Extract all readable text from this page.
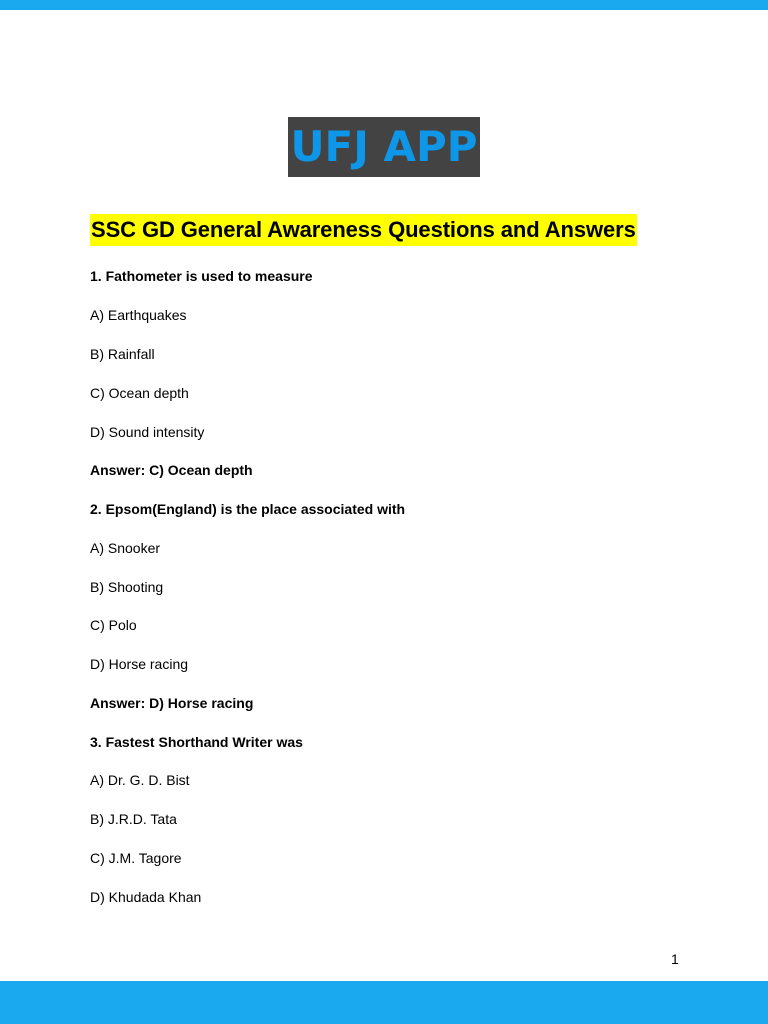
UFJ APP
SSC GD General Awareness Questions and Answers
1. Fathometer is used to measure
A) Earthquakes
B) Rainfall
C) Ocean depth
D) Sound intensity
Answer: C) Ocean depth
2. Epsom(England) is the place associated with
A) Snooker
B) Shooting
C) Polo
D) Horse racing
Answer: D) Horse racing
3. Fastest Shorthand Writer was
A) Dr. G. D. Bist
B) J.R.D. Tata
C) J.M. Tagore
D) Khudada Khan
1
